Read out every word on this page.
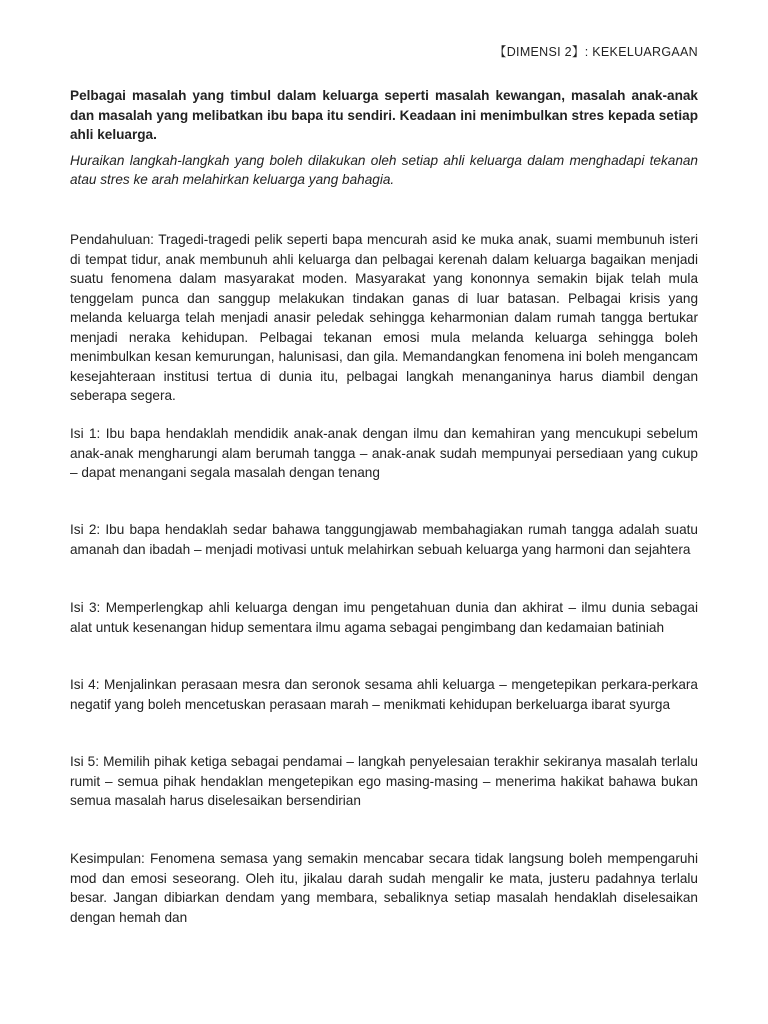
【DIMENSI 2】: KEKELUARGAAN

Pelbagai masalah yang timbul dalam keluarga seperti masalah kewangan, masalah anak-anak dan masalah yang melibatkan ibu bapa itu sendiri. Keadaan ini menimbulkan stres kepada setiap ahli keluarga.

Huraikan langkah-langkah yang boleh dilakukan oleh setiap ahli keluarga dalam menghadapi tekanan atau stres ke arah melahirkan keluarga yang bahagia.

Pendahuluan: Tragedi-tragedi pelik seperti bapa mencurah asid ke muka anak, suami membunuh isteri di tempat tidur, anak membunuh ahli keluarga dan pelbagai kerenah dalam keluarga bagaikan menjadi suatu fenomena dalam masyarakat moden. Masyarakat yang kononnya semakin bijak telah mula tenggelam punca dan sanggup melakukan tindakan ganas di luar batasan. Pelbagai krisis yang melanda keluarga telah menjadi anasir peledak sehingga keharmonian dalam rumah tangga bertukar menjadi neraka kehidupan. Pelbagai tekanan emosi mula melanda keluarga sehingga boleh menimbulkan kesan kemurungan, halunisasi, dan gila. Memandangkan fenomena ini boleh mengancam kesejahteraan institusi tertua di dunia itu, pelbagai langkah menanganinya harus diambil dengan seberapa segera.

Isi 1: Ibu bapa hendaklah mendidik anak-anak dengan ilmu dan kemahiran yang mencukupi sebelum anak-anak mengharungi alam berumah tangga – anak-anak sudah mempunyai persediaan yang cukup – dapat menangani segala masalah dengan tenang

Isi 2: Ibu bapa hendaklah sedar bahawa tanggungjawab membahagiakan rumah tangga adalah suatu amanah dan ibadah – menjadi motivasi untuk melahirkan sebuah keluarga yang harmoni dan sejahtera

Isi 3: Memperlengkap ahli keluarga dengan imu pengetahuan dunia dan akhirat – ilmu dunia sebagai alat untuk kesenangan hidup sementara ilmu agama sebagai pengimbang dan kedamaian batiniah

Isi 4: Menjalinkan perasaan mesra dan seronok sesama ahli keluarga – mengetepikan perkara-perkara negatif yang boleh mencetuskan perasaan marah – menikmati kehidupan berkeluarga ibarat syurga

Isi 5: Memilih pihak ketiga sebagai pendamai – langkah penyelesaian terakhir sekiranya masalah terlalu rumit – semua pihak hendaklan mengetepikan ego masing-masing – menerima hakikat bahawa bukan semua masalah harus diselesaikan bersendirian

Kesimpulan: Fenomena semasa yang semakin mencabar secara tidak langsung boleh mempengaruhi mod dan emosi seseorang. Oleh itu, jikalau darah sudah mengalir ke mata, justeru padahnya terlalu besar. Jangan dibiarkan dendam yang membara, sebaliknya setiap masalah hendaklah diselesaikan dengan hemah dan
